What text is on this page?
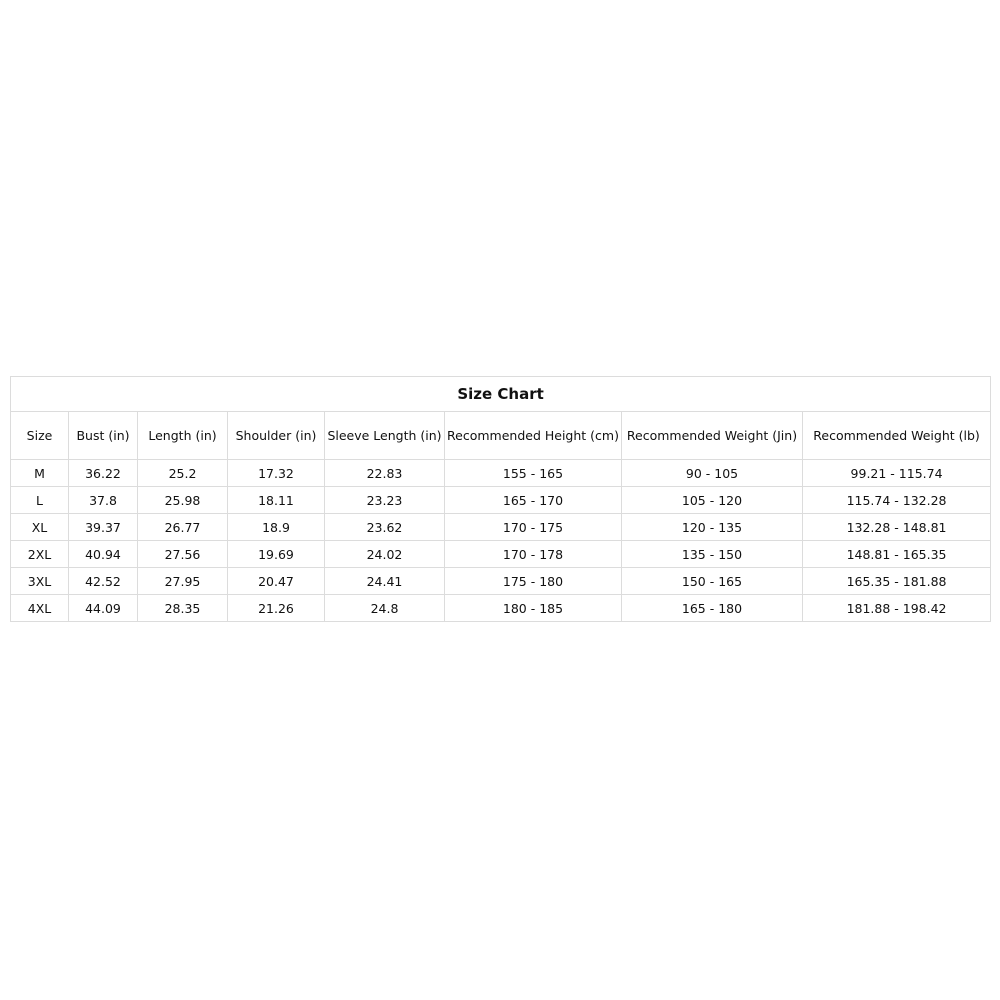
Size Chart							
Size	Bust (in)	Length (in)	Shoulder (in)	Sleeve Length (in)	Recommended Height (cm)	Recommended Weight (Jin)	Recommended Weight (lb)
M	36.22	25.2	17.32	22.83	155 - 165	90 - 105	99.21 - 115.74
L	37.8	25.98	18.11	23.23	165 - 170	105 - 120	115.74 - 132.28
XL	39.37	26.77	18.9	23.62	170 - 175	120 - 135	132.28 - 148.81
2XL	40.94	27.56	19.69	24.02	170 - 178	135 - 150	148.81 - 165.35
3XL	42.52	27.95	20.47	24.41	175 - 180	150 - 165	165.35 - 181.88
4XL	44.09	28.35	21.26	24.8	180 - 185	165 - 180	181.88 - 198.42
